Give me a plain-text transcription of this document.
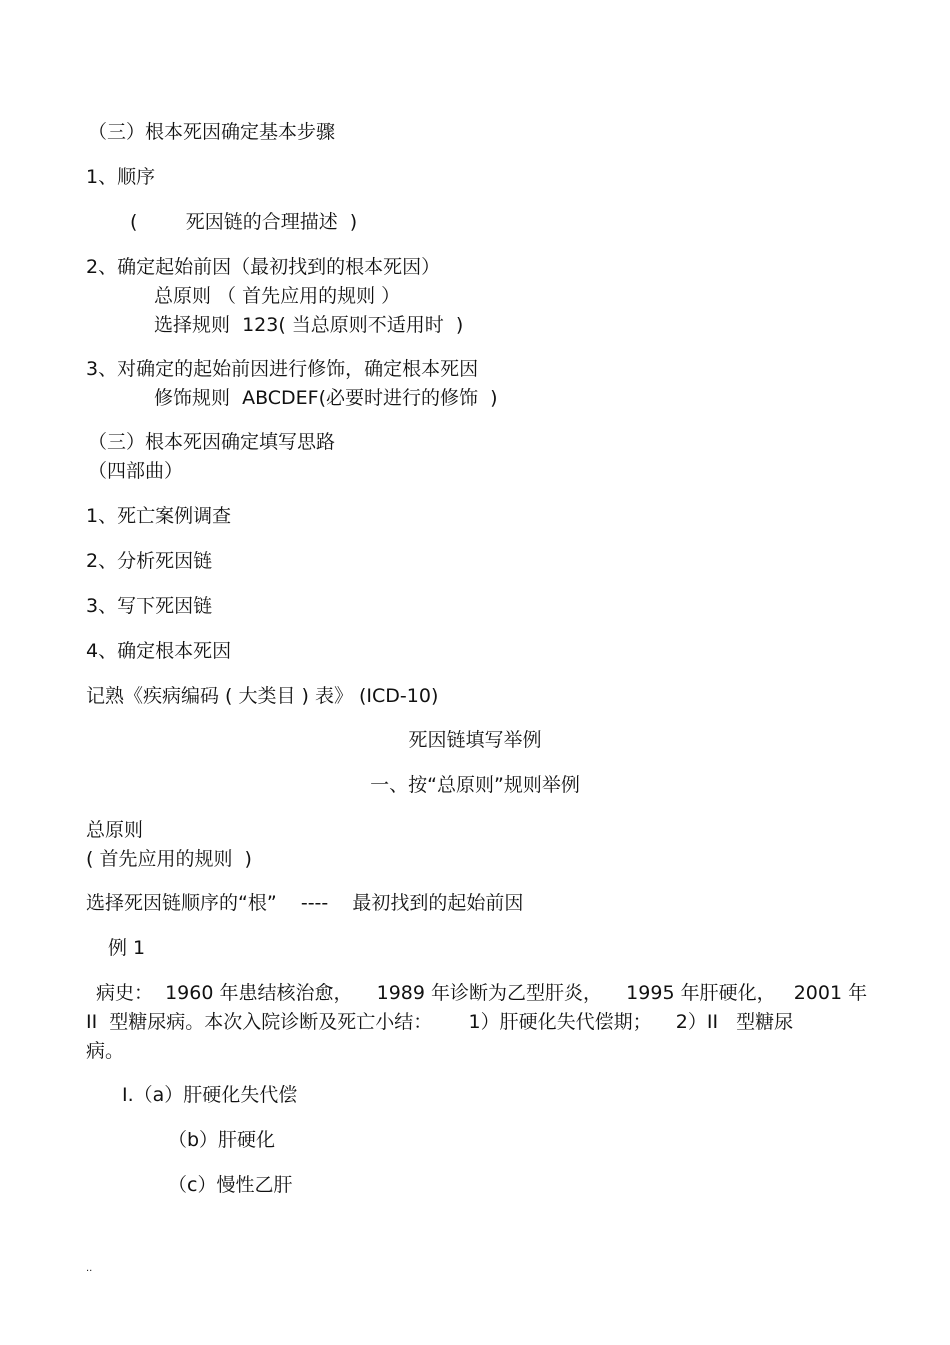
（三）根本死因确定基本步骤
1、顺序
(        死因链的合理描述  )
2、确定起始前因（最初找到的根本死因）
总原则 （ 首先应用的规则 ）
选择规则  123( 当总原则不适用时  )
3、对确定的起始前因进行修饰，确定根本死因
修饰规则  ABCDEF(必要时进行的修饰  )
（三）根本死因确定填写思路
（四部曲）
1、死亡案例调查
2、分析死因链
3、写下死因链
4、确定根本死因
记熟《疾病编码 ( 大类目 ) 表》 (ICD-10)
死因链填写举例
一、按“总原则”规则举例
总原则
( 首先应用的规则  )
选择死因链顺序的“根”    ----    最初找到的起始前因
例 1
病史：  1960 年患结核治愈，    1989 年诊断为乙型肝炎，    1995 年肝硬化，   2001 年
II  型糖尿病。本次入院诊断及死亡小结：      1）肝硬化失代偿期；    2）II   型糖尿
病。
Ⅰ.（a）肝硬化失代偿
（b）肝硬化
（c）慢性乙肝
..
